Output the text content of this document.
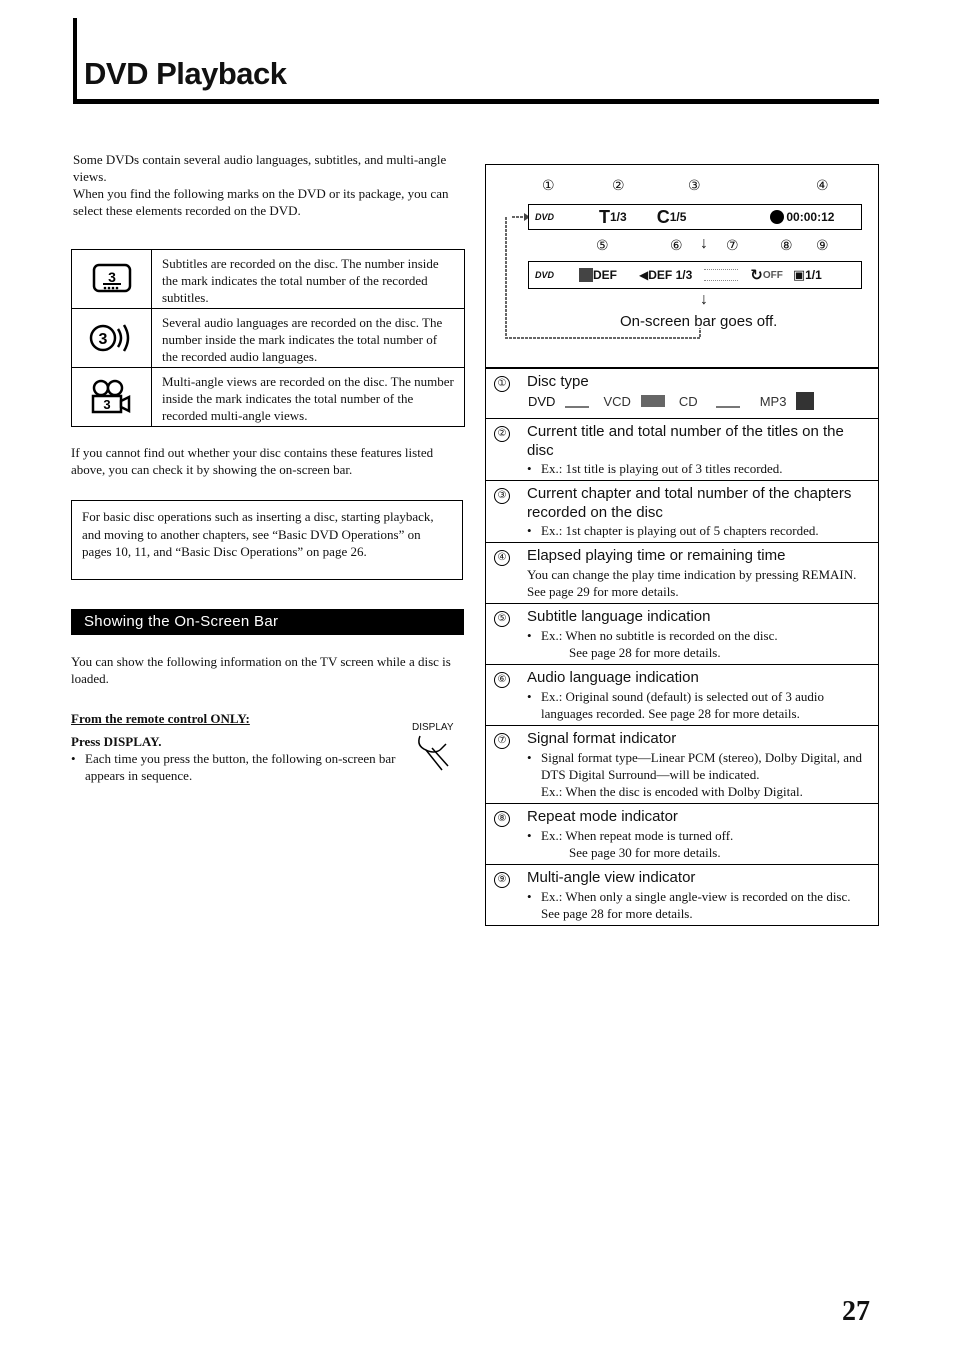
DVD Playback
Some DVDs contain several audio languages, subtitles, and multi-angle views.
When you find the following marks on the DVD or its package, you can select these elements recorded on the DVD.
3
Subtitles are recorded on the disc. The number inside the mark indicates the total number of the recorded subtitles.
3
Several audio languages are recorded on the disc. The number inside the mark indicates the total number of the recorded audio languages.
3
Multi-angle views are recorded on the disc. The number inside the mark indicates the total number of the recorded multi-angle views.
If you cannot find out whether your disc contains these features listed above, you can check it by showing the on-screen bar.
For basic disc operations such as inserting a disc, starting playback, and moving to another chapters, see “Basic DVD Operations” on pages 10, 11, and “Basic Disc Operations” on page 26.
Showing the On-Screen Bar
You can show the following information on the TV screen while a disc is loaded.
From the remote control ONLY:
DISPLAY
Press DISPLAY.
• Each time you press the button, the following on-screen bar appears in sequence.
①	②	③	④
DVD	T 1/3 C 1/5	00:00:12
⑤	⑥ ↓ ⑦	⑧ ⑨
DVD	DEF ◀ DEF 1/3	↻ OFF ▣ 1/1
↓
On-screen bar goes off.
①	Disc type
DVD	VCD	CD	MP3
②	Current title and total number of the titles on the disc
• Ex.: 1st title is playing out of 3 titles recorded.
③	Current chapter and total number of the chapters recorded on the disc
• Ex.: 1st chapter is playing out of 5 chapters recorded.
④	Elapsed playing time or remaining time
You can change the play time indication by pressing REMAIN. See page 29 for more details.
⑤	Subtitle language indication
• Ex.: When no subtitle is recorded on the disc.
See page 28 for more details.
⑥	Audio language indication
• Ex.: Original sound (default) is selected out of 3 audio languages recorded. See page 28 for more details.
⑦	Signal format indicator
• Signal format type—Linear PCM (stereo), Dolby Digital, and DTS Digital Surround—will be indicated.
Ex.: When the disc is encoded with Dolby Digital.
⑧	Repeat mode indicator
• Ex.: When repeat mode is turned off.
See page 30 for more details.
⑨	Multi-angle view indicator
• Ex.: When only a single angle-view is recorded on the disc. See page 28 for more details.
27
